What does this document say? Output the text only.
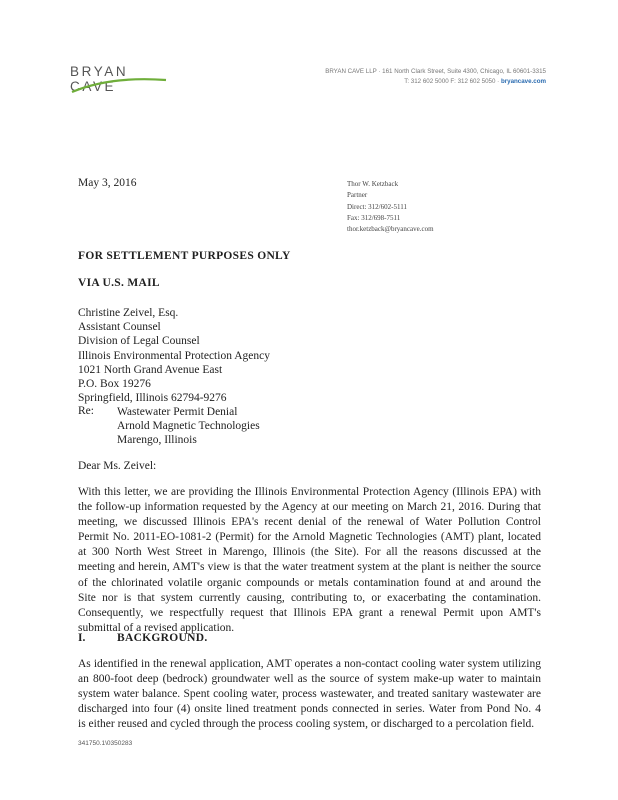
BRYAN CAVE
BRYAN CAVE LLP · 161 North Clark Street, Suite 4300, Chicago, IL 60601-3315
T: 312 602 5000 F: 312 602 5050 · bryancave.com
May 3, 2016	Thor W. Ketzback
Partner
Direct: 312/602-5111
Fax: 312/698-7511
thor.ketzback@bryancave.com
FOR SETTLEMENT PURPOSES ONLY
VIA U.S. MAIL
Christine Zeivel, Esq.
Assistant Counsel
Division of Legal Counsel
Illinois Environmental Protection Agency
1021 North Grand Avenue East
P.O. Box 19276
Springfield, Illinois 62794-9276
Re: Wastewater Permit Denial
Arnold Magnetic Technologies
Marengo, Illinois
Dear Ms. Zeivel:
With this letter, we are providing the Illinois Environmental Protection Agency (Illinois EPA) with
the follow-up information requested by the Agency at our meeting on March 21, 2016. During that
meeting, we discussed Illinois EPA's recent denial of the renewal of Water Pollution Control
Permit No. 2011-EO-1081-2 (Permit) for the Arnold Magnetic Technologies (AMT) plant, located
at 300 North West Street in Marengo, Illinois (the Site). For all the reasons discussed at the
meeting and herein, AMT's view is that the water treatment system at the plant is neither the source
of the chlorinated volatile organic compounds or metals contamination found at and around the
Site nor is that system currently causing, contributing to, or exacerbating the contamination.
Consequently, we respectfully request that Illinois EPA grant a renewal Permit upon AMT's
submittal of a revised application.
I.	BACKGROUND.
As identified in the renewal application, AMT operates a non-contact cooling water system utilizing
an 800-foot deep (bedrock) groundwater well as the source of system make-up water to maintain
system water balance. Spent cooling water, process wastewater, and treated sanitary wastewater are
discharged into four (4) onsite lined treatment ponds connected in series. Water from Pond No. 4
is either reused and cycled through the process cooling system, or discharged to a percolation field.
341750.1\0350283
